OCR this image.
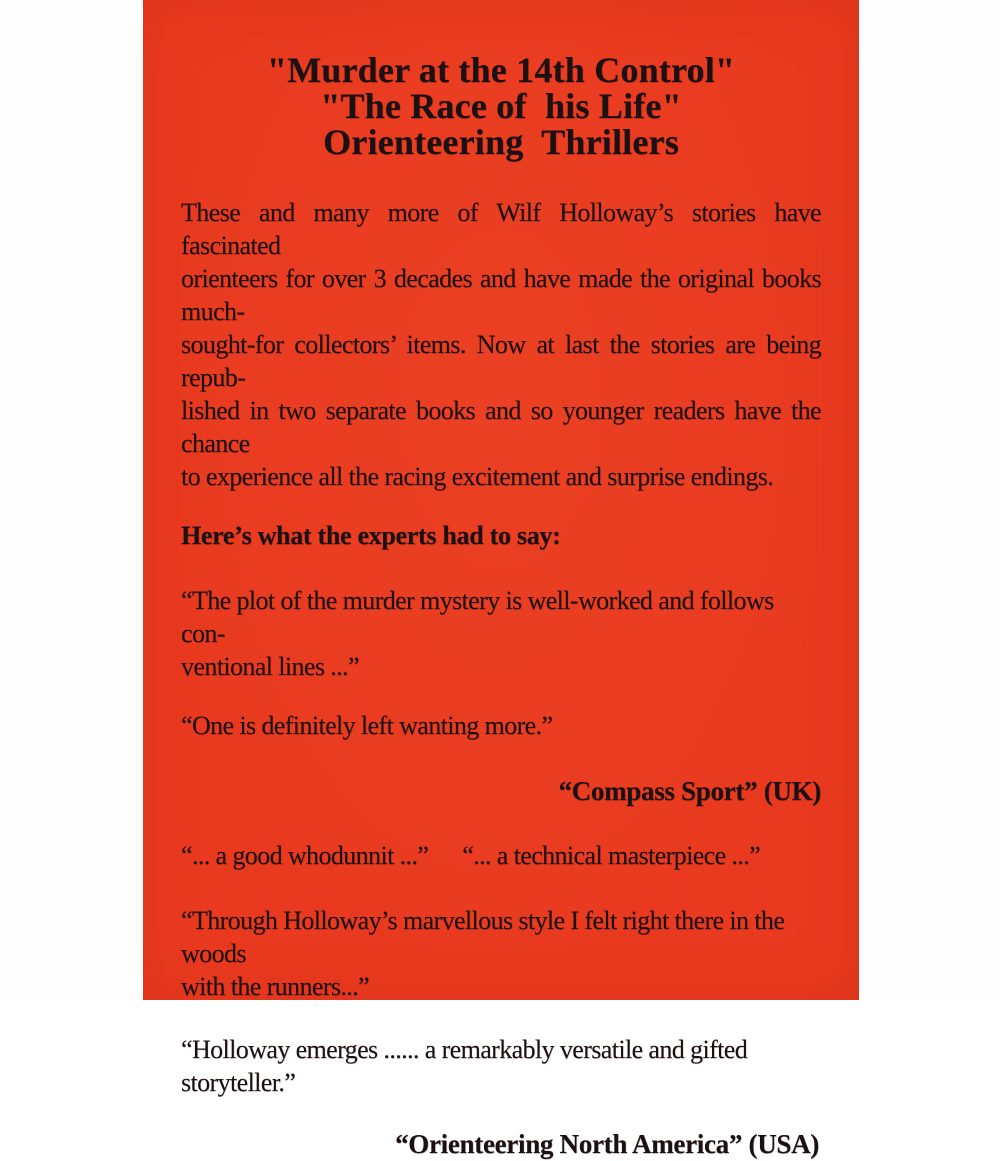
"Murder at the 14th Control"
"The Race of  his Life"
Orienteering  Thrillers
These and many more of Wilf Holloway’s stories have fascinated
orienteers for over 3 decades and have made the original books much-
sought-for collectors’ items. Now at last the stories are being repub-
lished in two separate books and so younger readers have the chance
to experience all the racing excitement and surprise endings.
Here’s what the experts had to say:
“The plot of the murder mystery is well-worked and follows con-
ventional lines ...”
“One is definitely left wanting more.”
“Compass Sport” (UK)
“... a good whodunnit ...” “... a technical masterpiece ...”
“Through Holloway’s marvellous style I felt right there in the woods
with the runners...”
“Holloway emerges ...... a remarkably versatile and gifted
storyteller.”
“Orienteering North America” (USA)
